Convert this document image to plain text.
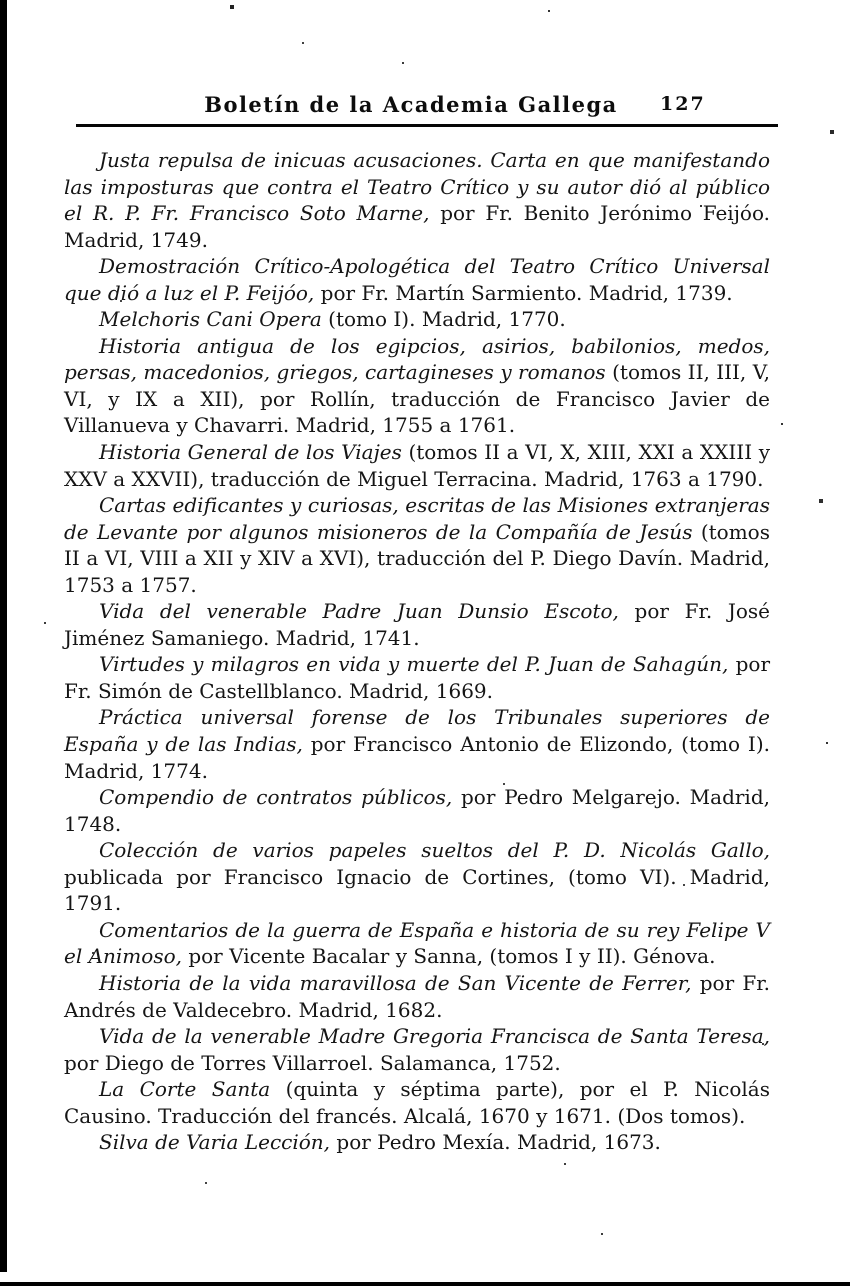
Boletín de la Academia Gallega 127

Justa repulsa de inicuas acusaciones. Carta en que manifestando las imposturas que contra el Teatro Crítico y su autor dió al público el R. P. Fr. Francisco Soto Marne, por Fr. Benito Jerónimo Feijóo. Madrid, 1749.

Demostración Crítico-Apologética del Teatro Crítico Universal que dió a luz el P. Feijóo, por Fr. Martín Sarmiento. Madrid, 1739.

Melchoris Cani Opera (tomo I). Madrid, 1770.

Historia antigua de los egipcios, asirios, babilonios, medos, persas, macedonios, griegos, cartagineses y romanos (tomos II, III, V, VI, y IX a XII), por Rollín, traducción de Francisco Javier de Villanueva y Chavarri. Madrid, 1755 a 1761.

Historia General de los Viajes (tomos II a VI, X, XIII, XXI a XXIII y XXV a XXVII), traducción de Miguel Terracina. Madrid, 1763 a 1790.

Cartas edificantes y curiosas, escritas de las Misiones extranjeras de Levante por algunos misioneros de la Compañía de Jesús (tomos II a VI, VIII a XII y XIV a XVI), traducción del P. Diego Davín. Madrid, 1753 a 1757.

Vida del venerable Padre Juan Dunsio Escoto, por Fr. José Jiménez Samaniego. Madrid, 1741.

Virtudes y milagros en vida y muerte del P. Juan de Sahagún, por Fr. Simón de Castellblanco. Madrid, 1669.

Práctica universal forense de los Tribunales superiores de España y de las Indias, por Francisco Antonio de Elizondo, (tomo I). Madrid, 1774.

Compendio de contratos públicos, por Pedro Melgarejo. Madrid, 1748.

Colección de varios papeles sueltos del P. D. Nicolás Gallo, publicada por Francisco Ignacio de Cortines, (tomo VI). Madrid, 1791.

Comentarios de la guerra de España e historia de su rey Felipe V el Animoso, por Vicente Bacalar y Sanna, (tomos I y II). Génova.

Historia de la vida maravillosa de San Vicente de Ferrer, por Fr. Andrés de Valdecebro. Madrid, 1682.

Vida de la venerable Madre Gregoria Francisca de Santa Teresa, por Diego de Torres Villarroel. Salamanca, 1752.

La Corte Santa (quinta y séptima parte), por el P. Nicolás Causino. Traducción del francés. Alcalá, 1670 y 1671. (Dos tomos).

Silva de Varia Lección, por Pedro Mexía. Madrid, 1673.
